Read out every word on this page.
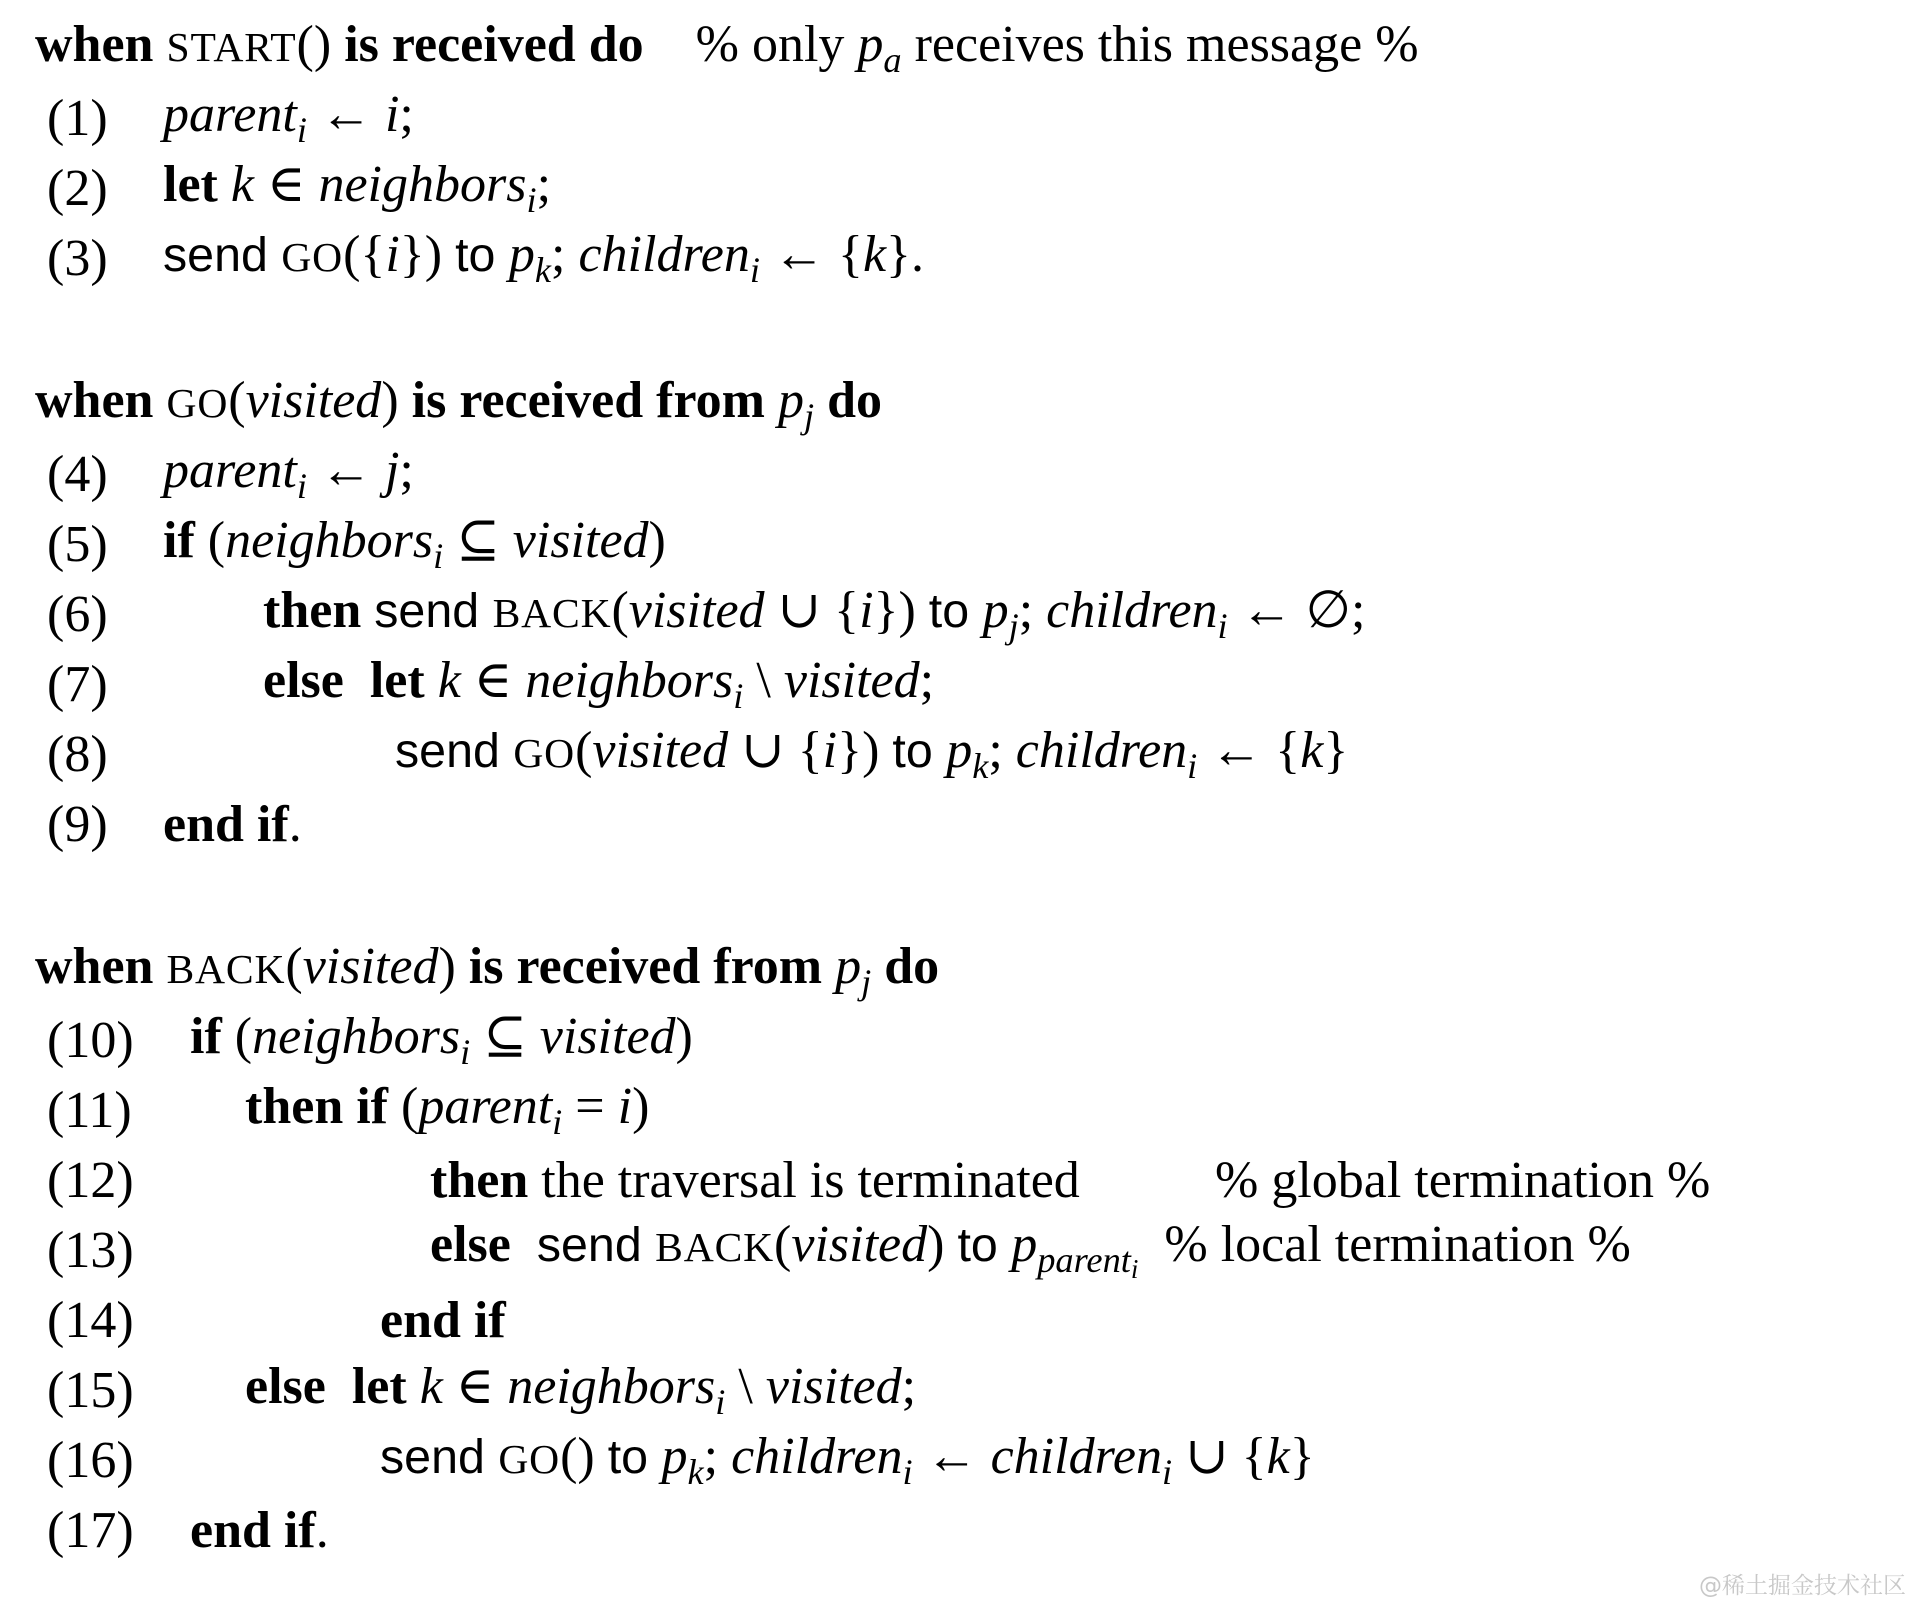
when START() is received do % only $p_a$ receives this message %
(1)	parent$_i$ ← i;
(2)	let k ∈ neighbors$_i$;
(3)	send GO({i}) to $p_k$; children$_i$ ← {k}.
when GO(visited) is received from $p_j$ do
(4)	parent$_i$ ← j;
(5)	if (neighbors$_i$ ⊆ visited)
(6)	then send BACK(visited ∪ {i}) to $p_j$; children$_i$ ← ∅;
(7)	else let k ∈ neighbors$_i$ \ visited;
(8)	send GO(visited ∪ {i}) to $p_k$; children$_i$ ← {k}
(9)	end if.
when BACK(visited) is received from $p_j$ do
(10)	if (neighbors$_i$ ⊆ visited)
(11)	then if (parent$_i$ = i)
(12)	then the traversal is terminated	% global termination %
(13)	else send BACK(visited) to $p_{parenti}$ % local termination %
(14)	end if
(15)	else let k ∈ neighbors$_i$ \ visited;
(16)	send GO() to $p_k$; children$_i$ ← children$_i$ ∪ {k}
(17)	end if.
@稀土掘金技术社区
